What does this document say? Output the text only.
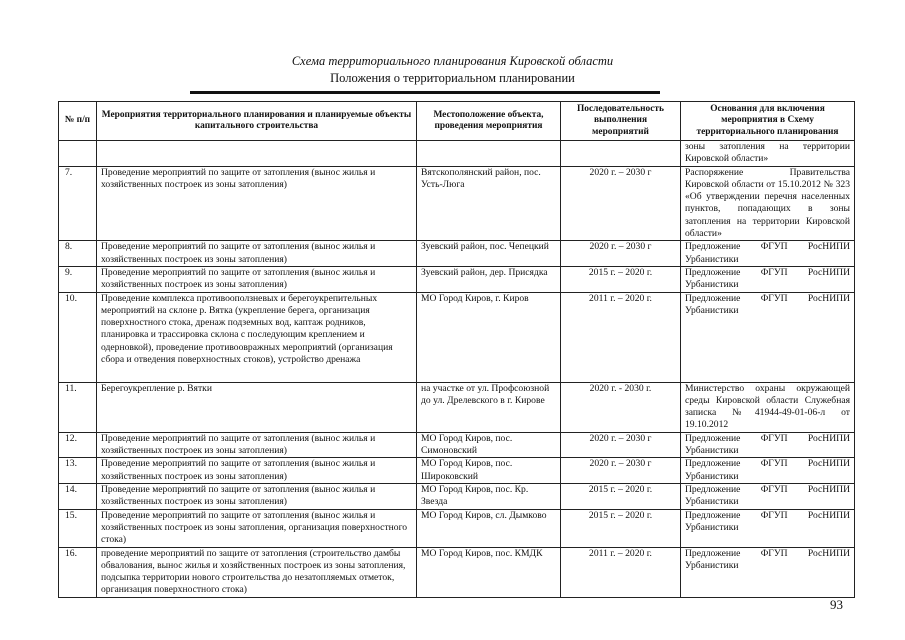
Схема территориального планирования Кировской области
Положения о территориальном планировании
№ п/п	Мероприятия территориального планирования и планируемые объекты капитального строительства	Местоположение объекта, проведения мероприятия	Последовательность выполнения мероприятий	Основания для включения мероприятия в Схему территориального планирования
				зоны затопления на территории Кировской области»
7.	Проведение мероприятий по защите от затопления (вынос жилья и хозяйственных построек из зоны затопления)	Вятскополянский район, пос. Усть-Люга	2020 г. – 2030 г	Распоряжение Правительства Кировской области от 15.10.2012 № 323 «Об утверждении перечня населенных пунктов, попадающих в зоны затопления на территории Кировской области»
8.	Проведение мероприятий по защите от затопления (вынос жилья и хозяйственных построек из зоны затопления)	Зуевский район, пос. Чепецкий	2020 г. – 2030 г	Предложение ФГУП РосНИПИ Урбанистики
9.	Проведение мероприятий по защите от затопления (вынос жилья и хозяйственных построек из зоны затопления)	Зуевский район, дер. Присядка	2015 г. – 2020 г.	Предложение ФГУП РосНИПИ Урбанистики
10.	Проведение комплекса противооползневых и берегоукрепительных мероприятий на склоне р. Вятка (укрепление берега, организация поверхностного стока, дренаж подземных вод, каптаж родников, планировка и трассировка склона с последующим креплением и одерновкой), проведение противоовражных мероприятий (организация сбора и отведения поверхностных стоков), устройство дренажа	МО Город Киров, г. Киров	2011 г. – 2020 г.	Предложение ФГУП РосНИПИ Урбанистики
11.	Берегоукрепление р. Вятки	на участке от ул. Профсоюзной до ул. Дрелевского в г. Кирове	2020 г. - 2030 г.	Министерство охраны окружающей среды Кировской области Служебная записка №41944-49-01-06-л от 19.10.2012
12.	Проведение мероприятий по защите от затопления (вынос жилья и хозяйственных построек из зоны затопления)	МО Город Киров, пос. Симоновский	2020 г. – 2030 г	Предложение ФГУП РосНИПИ Урбанистики
13.	Проведение мероприятий по защите от затопления (вынос жилья и хозяйственных построек из зоны затопления)	МО Город Киров, пос. Широковский	2020 г. – 2030 г	Предложение ФГУП РосНИПИ Урбанистики
14.	Проведение мероприятий по защите от затопления (вынос жилья и хозяйственных построек из зоны затопления)	МО Город Киров, пос. Кр. Звезда	2015 г. – 2020 г.	Предложение ФГУП РосНИПИ Урбанистики
15.	Проведение мероприятий по защите от затопления (вынос жилья и хозяйственных построек из зоны затопления, организация поверхностного стока)	МО Город Киров, сл. Дымково	2015 г. – 2020 г.	Предложение ФГУП РосНИПИ Урбанистики
16.	проведение мероприятий по защите от затопления (строительство дамбы обвалования, вынос жилья и хозяйственных построек из зоны затопления, подсыпка территории нового строительства до незатопляемых отметок, организация поверхностного стока)	МО Город Киров, пос. КМДК	2011 г. – 2020 г.	Предложение ФГУП РосНИПИ Урбанистики
93
